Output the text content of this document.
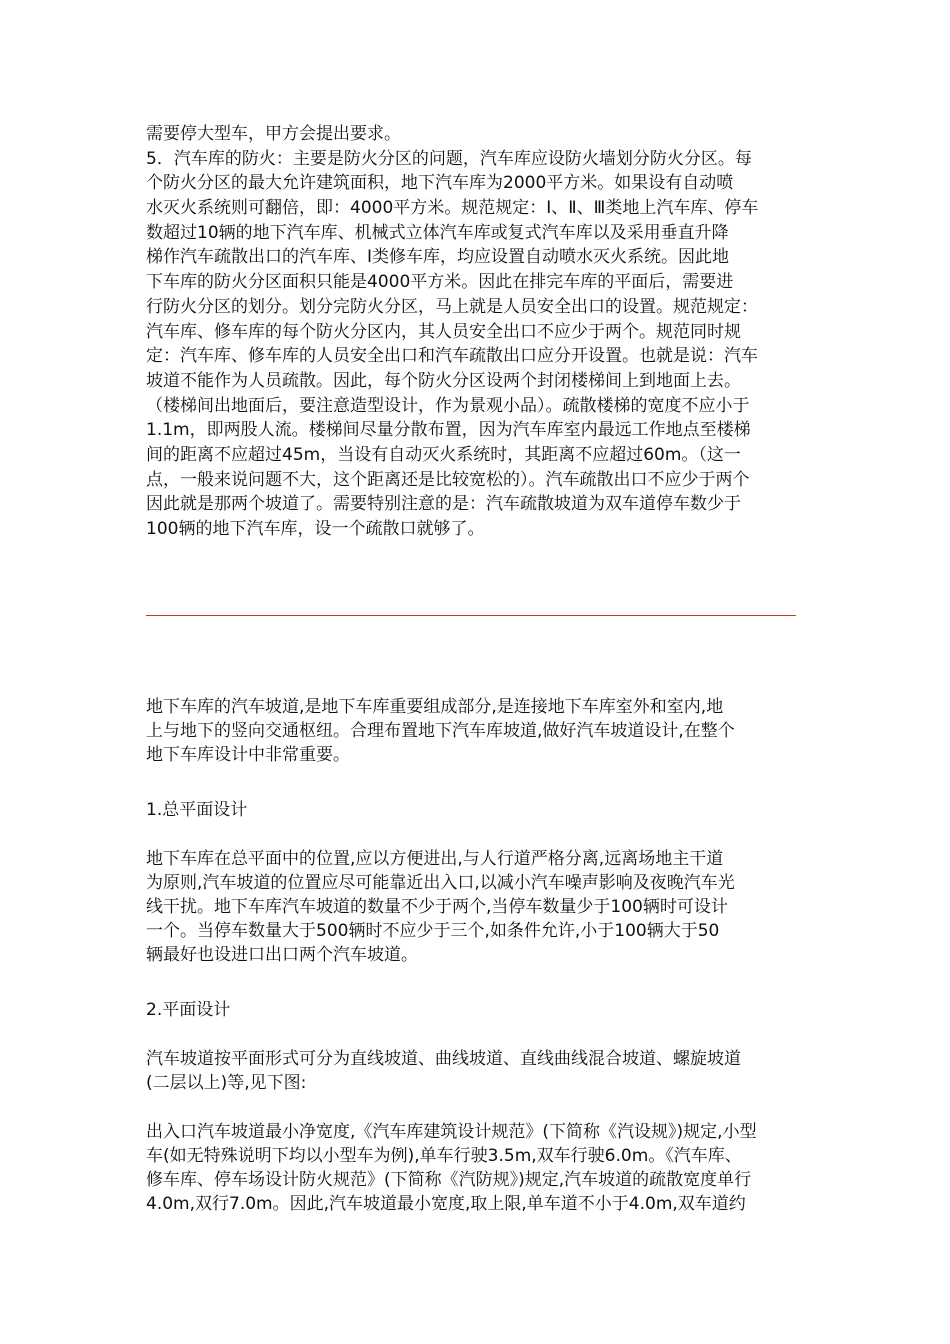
需要停大型车，甲方会提出要求。
5．汽车库的防火：主要是防火分区的问题，汽车库应设防火墙划分防火分区。每
个防火分区的最大允许建筑面积，地下汽车库为2000平方米。如果设有自动喷
水灭火系统则可翻倍，即：4000平方米。规范规定：Ⅰ、Ⅱ、Ⅲ类地上汽车库、停车
数超过10辆的地下汽车库、机械式立体汽车库或复式汽车库以及采用垂直升降
梯作汽车疏散出口的汽车库、Ⅰ类修车库，均应设置自动喷水灭火系统。因此地
下车库的防火分区面积只能是4000平方米。因此在排完车库的平面后，需要进
行防火分区的划分。划分完防火分区，马上就是人员安全出口的设置。规范规定：
汽车库、修车库的每个防火分区内，其人员安全出口不应少于两个。规范同时规
定：汽车库、修车库的人员安全出口和汽车疏散出口应分开设置。也就是说：汽车
坡道不能作为人员疏散。因此，每个防火分区设两个封闭楼梯间上到地面上去。
（楼梯间出地面后，要注意造型设计，作为景观小品）。疏散楼梯的宽度不应小于
1.1m，即两股人流。楼梯间尽量分散布置，因为汽车库室内最远工作地点至楼梯
间的距离不应超过45m，当设有自动灭火系统时，其距离不应超过60m。（这一
点，一般来说问题不大，这个距离还是比较宽松的）。汽车疏散出口不应少于两个
因此就是那两个坡道了。需要特别注意的是：汽车疏散坡道为双车道停车数少于
100辆的地下汽车库，设一个疏散口就够了。
地下车库的汽车坡道,是地下车库重要组成部分,是连接地下车库室外和室内,地
上与地下的竖向交通枢纽。合理布置地下汽车库坡道,做好汽车坡道设计,在整个
地下车库设计中非常重要。
1.总平面设计
地下车库在总平面中的位置,应以方便进出,与人行道严格分离,远离场地主干道
为原则,汽车坡道的位置应尽可能靠近出入口,以减小汽车噪声影响及夜晚汽车光
线干扰。地下车库汽车坡道的数量不少于两个,当停车数量少于100辆时可设计
一个。当停车数量大于500辆时不应少于三个,如条件允许,小于100辆大于50
辆最好也设进口出口两个汽车坡道。
2.平面设计
汽车坡道按平面形式可分为直线坡道、曲线坡道、直线曲线混合坡道、螺旋坡道
(二层以上)等,见下图:
出入口汽车坡道最小净宽度,《汽车库建筑设计规范》(下简称《汽设规》)规定,小型
车(如无特殊说明下均以小型车为例),单车行驶3.5m,双车行驶6.0m。《汽车库、
修车库、停车场设计防火规范》(下简称《汽防规》)规定,汽车坡道的疏散宽度单行
4.0m,双行7.0m。因此,汽车坡道最小宽度,取上限,单车道不小于4.0m,双车道约
